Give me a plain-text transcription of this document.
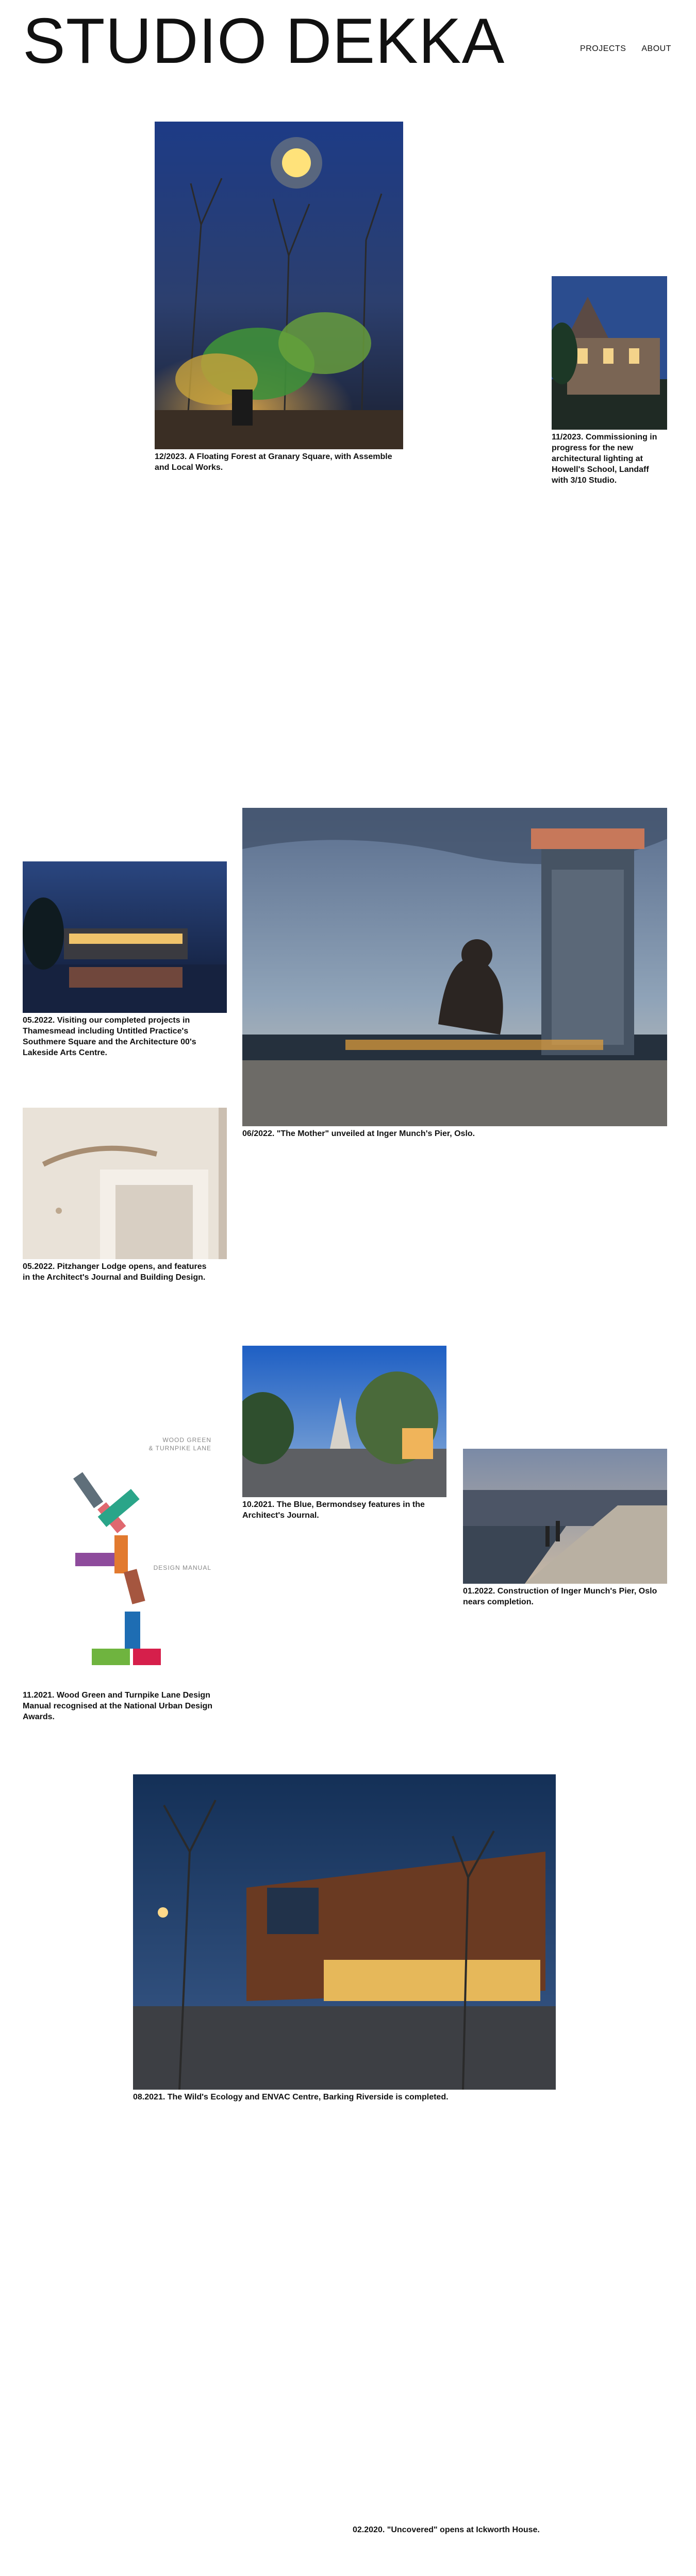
STUDIO DEKKA	PROJECTS ABOUT
12/2023. A Floating Forest at Granary Square, with Assemble and Local Works.
11/2023. Commissioning in progress for the new architectural lighting at Howell's School, Landaff with 3/10 Studio.
05.2022. Visiting our completed projects in Thamesmead including Untitled Practice's Southmere Square and the Architecture 00's Lakeside Arts Centre.
06/2022. "The Mother" unveiled at Inger Munch's Pier, Oslo.
05.2022. Pitzhanger Lodge opens, and features in the Architect's Journal and Building Design.
10.2021. The Blue, Bermondsey features in the Architect's Journal.
01.2022. Construction of Inger Munch's Pier, Oslo nears completion.
WOOD GREEN
& TURNPIKE LANE
DESIGN MANUAL
11.2021. Wood Green and Turnpike Lane Design Manual recognised at the National Urban Design Awards.
08.2021. The Wild's Ecology and ENVAC Centre, Barking Riverside is completed.
02.2020. "Uncovered" opens at Ickworth House.
